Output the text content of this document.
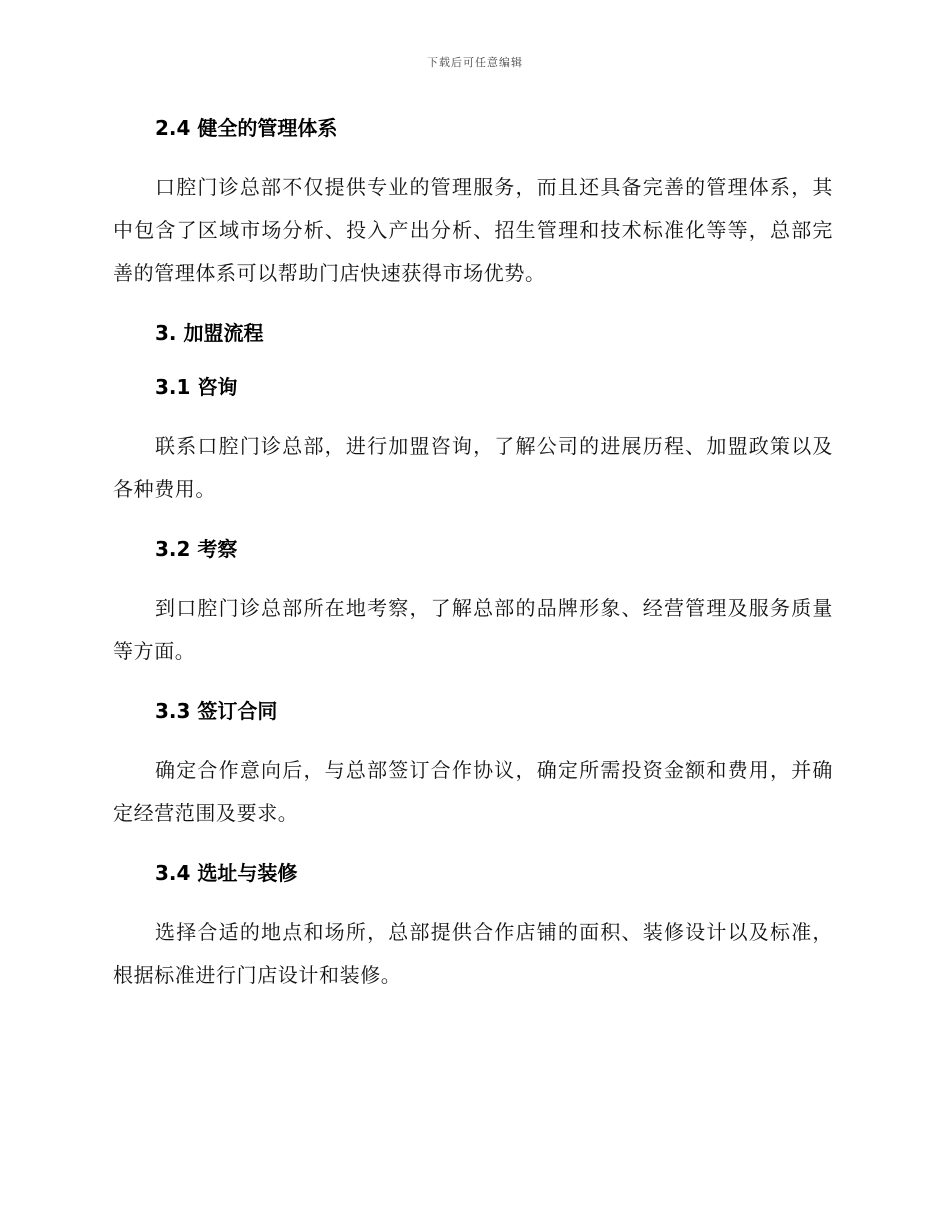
下载后可任意编辑
2.4 健全的管理体系

口腔门诊总部不仅提供专业的管理服务，而且还具备完善的管理体系，其中包含了区域市场分析、投入产出分析、招生管理和技术标准化等等，总部完善的管理体系可以帮助门店快速获得市场优势。

3. 加盟流程
3.1 咨询

联系口腔门诊总部，进行加盟咨询，了解公司的进展历程、加盟政策以及各种费用。

3.2 考察

到口腔门诊总部所在地考察，了解总部的品牌形象、经营管理及服务质量等方面。

3.3 签订合同

确定合作意向后，与总部签订合作协议，确定所需投资金额和费用，并确定经营范围及要求。

3.4 选址与装修

选择合适的地点和场所，总部提供合作店铺的面积、装修设计以及标准，根据标准进行门店设计和装修。
